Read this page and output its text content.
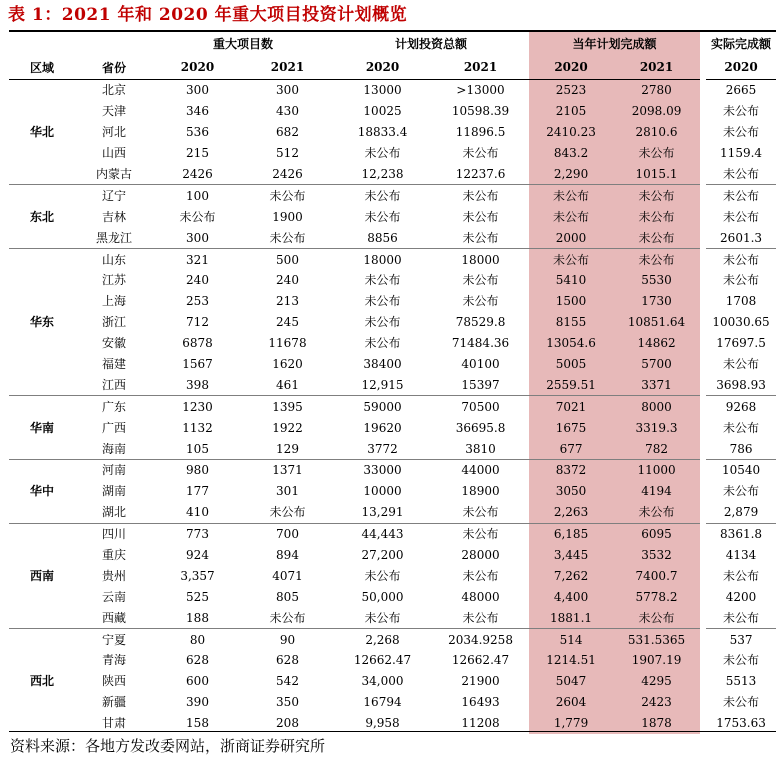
表 1：2021 年和 2020 年重大项目投资计划概览
		重大项目数		计划投资总额		当年计划完成额		实际完成额
区域	省份	2020	2021	2020	2021	2020	2021	2020
华北	北京	300	300	13000	>13000	2523	2780	2665
	天津	346	430	10025	10598.39	2105	2098.09	未公布
	河北	536	682	18833.4	11896.5	2410.23	2810.6	未公布
	山西	215	512	未公布	未公布	843.2	未公布	1159.4
	内蒙古	2426	2426	12,238	12237.6	2,290	1015.1	未公布
东北	辽宁	100	未公布	未公布	未公布	未公布	未公布	未公布
	吉林	未公布	1900	未公布	未公布	未公布	未公布	未公布
	黑龙江	300	未公布	8856	未公布	2000	未公布	2601.3
华东	山东	321	500	18000	18000	未公布	未公布	未公布
	江苏	240	240	未公布	未公布	5410	5530	未公布
	上海	253	213	未公布	未公布	1500	1730	1708
	浙江	712	245	未公布	78529.8	8155	10851.64	10030.65
	安徽	6878	11678	未公布	71484.36	13054.6	14862	17697.5
	福建	1567	1620	38400	40100	5005	5700	未公布
	江西	398	461	12,915	15397	2559.51	3371	3698.93
华南	广东	1230	1395	59000	70500	7021	8000	9268
	广西	1132	1922	19620	36695.8	1675	3319.3	未公布
	海南	105	129	3772	3810	677	782	786
华中	河南	980	1371	33000	44000	8372	11000	10540
	湖南	177	301	10000	18900	3050	4194	未公布
	湖北	410	未公布	13,291	未公布	2,263	未公布	2,879
西南	四川	773	700	44,443	未公布	6,185	6095	8361.8
	重庆	924	894	27,200	28000	3,445	3532	4134
	贵州	3,357	4071	未公布	未公布	7,262	7400.7	未公布
	云南	525	805	50,000	48000	4,400	5778.2	4200
	西藏	188	未公布	未公布	未公布	1881.1	未公布	未公布
西北	宁夏	80	90	2,268	2034.9258	514	531.5365	537
	青海	628	628	12662.47	12662.47	1214.51	1907.19	未公布
	陕西	600	542	34,000	21900	5047	4295	5513
	新疆	390	350	16794	16493	2604	2423	未公布
	甘肃	158	208	9,958	11208	1,779	1878	1753.63
资料来源：各地方发改委网站，浙商证券研究所
